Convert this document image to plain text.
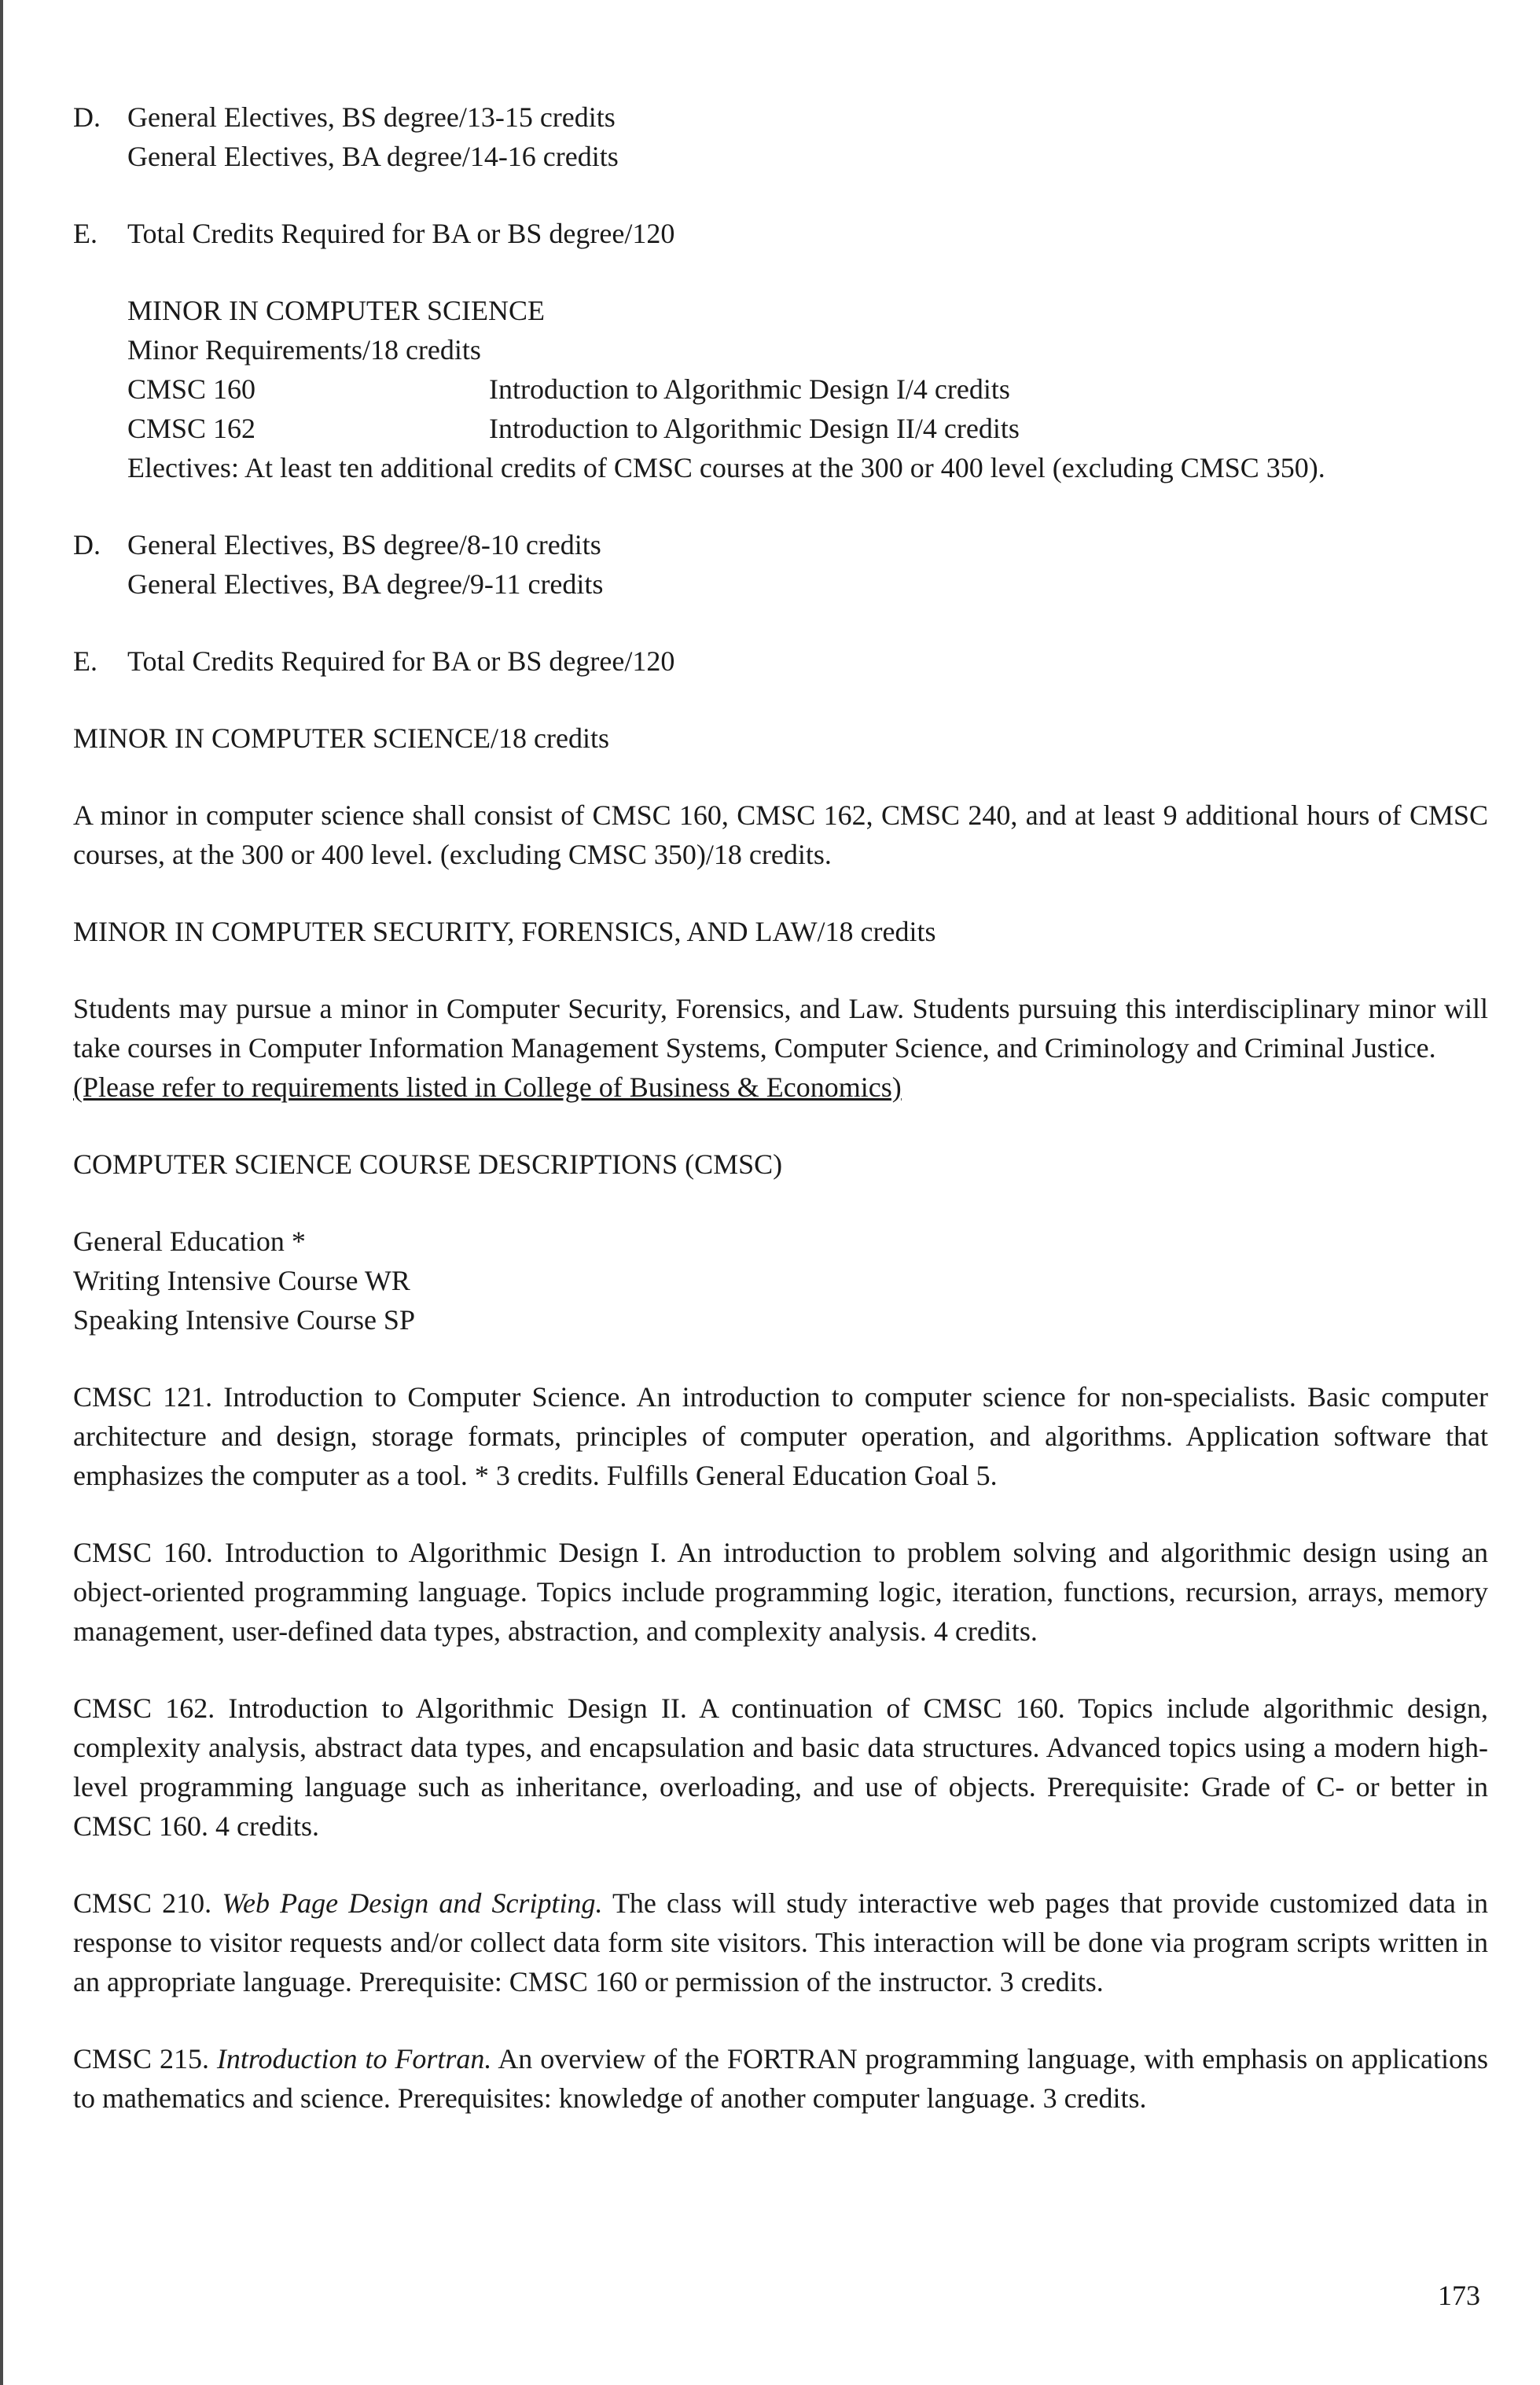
D. General Electives, BS degree/13-15 credits
General Electives, BA degree/14-16 credits
E.	Total Credits Required for BA or BS degree/120
MINOR IN COMPUTER SCIENCE
Minor Requirements/18 credits
CMSC 160	Introduction to Algorithmic Design I/4 credits
CMSC 162	Introduction to Algorithmic Design II/4 credits
Electives: At least ten additional credits of CMSC courses at the 300 or 400 level (excluding CMSC 350).
D. General Electives, BS degree/8-10 credits
General Electives, BA degree/9-11 credits
E.	Total Credits Required for BA or BS degree/120
MINOR IN COMPUTER SCIENCE/18 credits
A minor in computer science shall consist of CMSC 160, CMSC 162, CMSC 240, and at least 9 additional hours of CMSC courses, at the 300 or 400 level. (excluding CMSC 350)/18 credits.
MINOR IN COMPUTER SECURITY, FORENSICS, AND LAW/18 credits
Students may pursue a minor in Computer Security, Forensics, and Law. Students pursuing this interdisciplinary minor will take courses in Computer Information Management Systems, Computer Science, and Criminology and Criminal Justice.
(Please refer to requirements listed in College of Business & Economics)
COMPUTER SCIENCE COURSE DESCRIPTIONS (CMSC)
General Education *
Writing Intensive Course WR
Speaking Intensive Course SP
CMSC 121. Introduction to Computer Science. An introduction to computer science for non-specialists. Basic computer architecture and design, storage formats, principles of computer operation, and algorithms. Application software that emphasizes the computer as a tool. * 3 credits. Fulfills General Education Goal 5.
CMSC 160. Introduction to Algorithmic Design I. An introduction to problem solving and algorithmic design using an object-oriented programming language. Topics include programming logic, iteration, functions, recursion, arrays, memory management, user-defined data types, abstraction, and complexity analysis. 4 credits.
CMSC 162. Introduction to Algorithmic Design II. A continuation of CMSC 160. Topics include algorithmic design, complexity analysis, abstract data types, and encapsulation and basic data structures. Advanced topics using a modern high-level programming language such as inheritance, overloading, and use of objects. Prerequisite: Grade of C- or better in CMSC 160. 4 credits.
CMSC 210. Web Page Design and Scripting. The class will study interactive web pages that provide customized data in response to visitor requests and/or collect data form site visitors. This interaction will be done via program scripts written in an appropriate language. Prerequisite: CMSC 160 or permission of the instructor. 3 credits.
CMSC 215. Introduction to Fortran. An overview of the FORTRAN programming language, with emphasis on applications to mathematics and science. Prerequisites: knowledge of another computer language. 3 credits.
173
